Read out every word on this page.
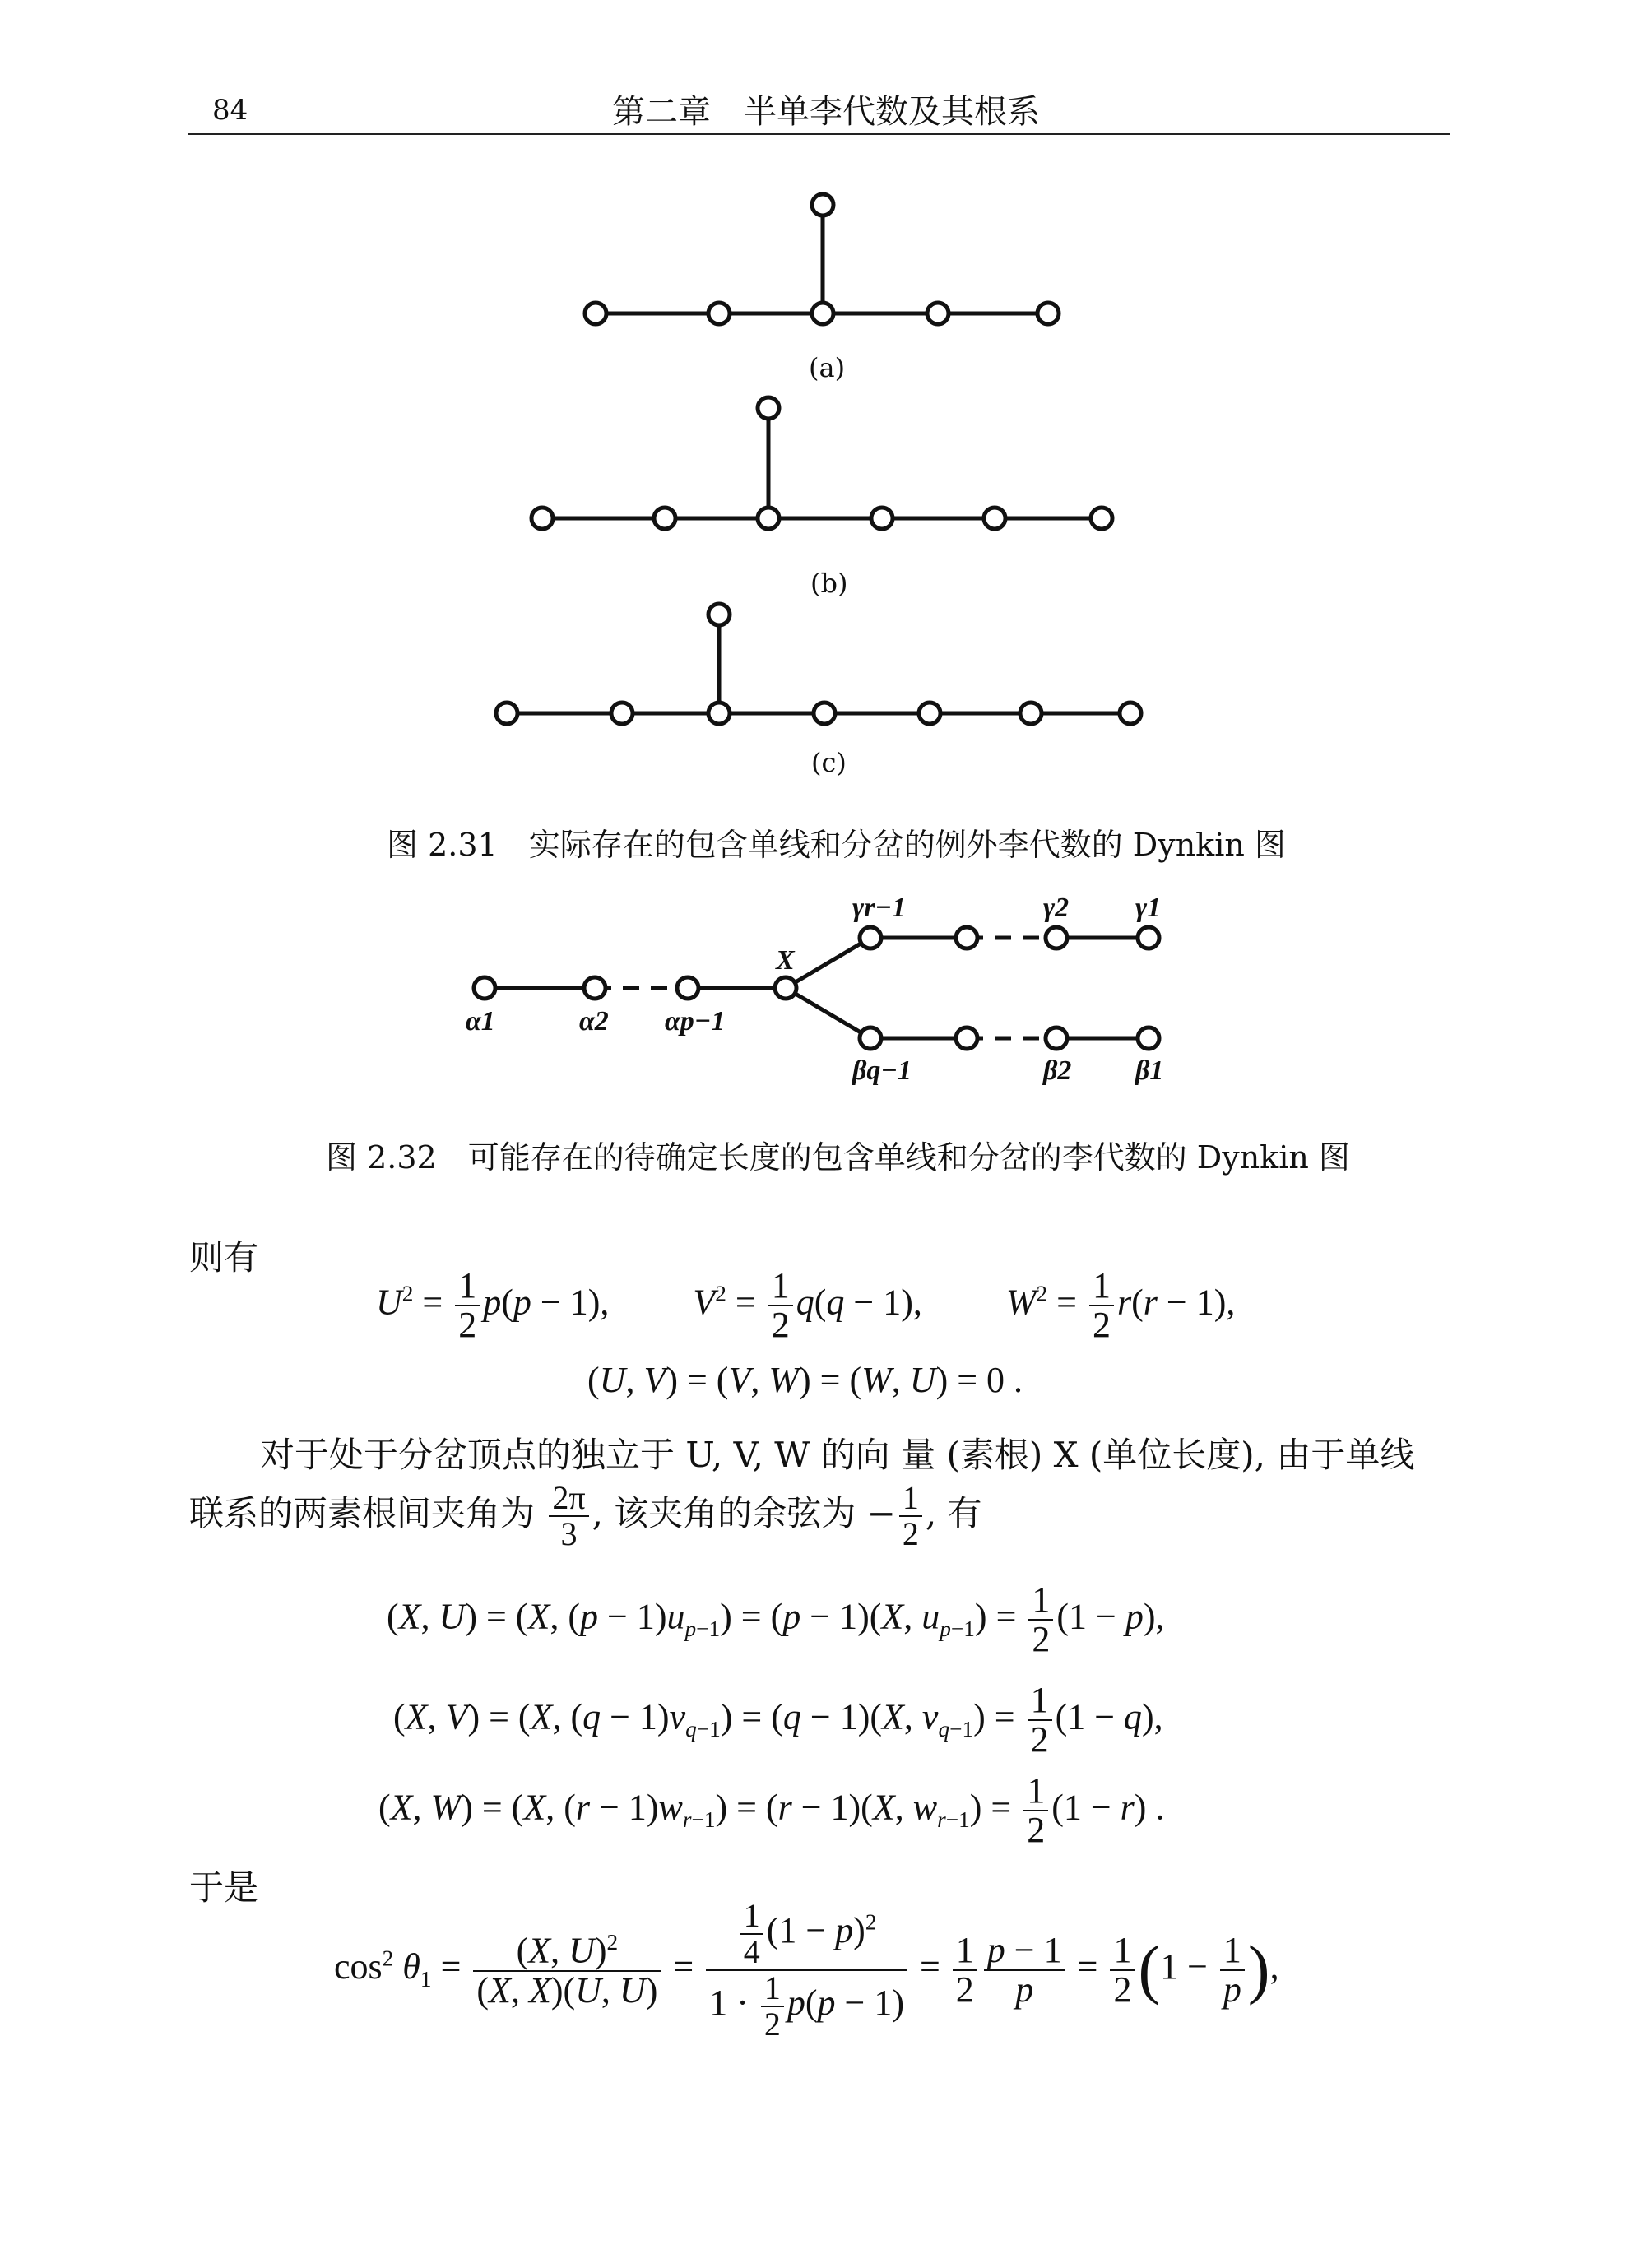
84	第二章　半单李代数及其根系
(a)
(b)
(c)
图 2.31　实际存在的包含单线和分岔的例外李代数的 Dynkin 图
α1	α2 αp−1
X
γr−1	γ2 γ1
βq−1	β2 β1
图 2.32　可能存在的待确定长度的包含单线和分岔的李代数的 Dynkin 图
则有
$U^2 = \frac{1}{2} p(p - 1)$,  $V^2 = \frac{1}{2} q(q - 1)$,  $W^2 = \frac{1}{2} r(r - 1)$,
(U, V) = (V, W) = (W, U) = 0 .
对于处于分岔顶点的独立于 U, V, W 的向 量 (素根) X (单位长度), 由于单线
联系的两素根间夹角为 $\frac{2\pi}{3}$ , 该夹角的余弦为 − $\frac{1}{2}$ , 有
(X, U) = (X, $(p - 1)u_{p-1}) = (p - 1)(X$, $u_{p-1}) = \frac{1}{2} (1 - p)$,
(X, V) = (X, $(q - 1)v_{q-1}) = (q - 1)(X$, $v_{q-1}) = \frac{1}{2} (1 - q)$,
(X, W) = (X, $(r - 1)w_{r-1}) = (r - 1)(X$, $w_{r-1}) = \frac{1}{2} (1 - r)$ .
于是
$\cos^2 \theta_1 = \frac{(X, U)^2}{(X, X)(U, U)} = \frac{\frac{1}{4} (1 - p)^2}{1 \cdot \frac{1}{2} p(p - 1)} = \frac{1}{2} \frac{p - 1}{p} = \frac{1}{2} (1 - \frac{1}{p}$ ),
